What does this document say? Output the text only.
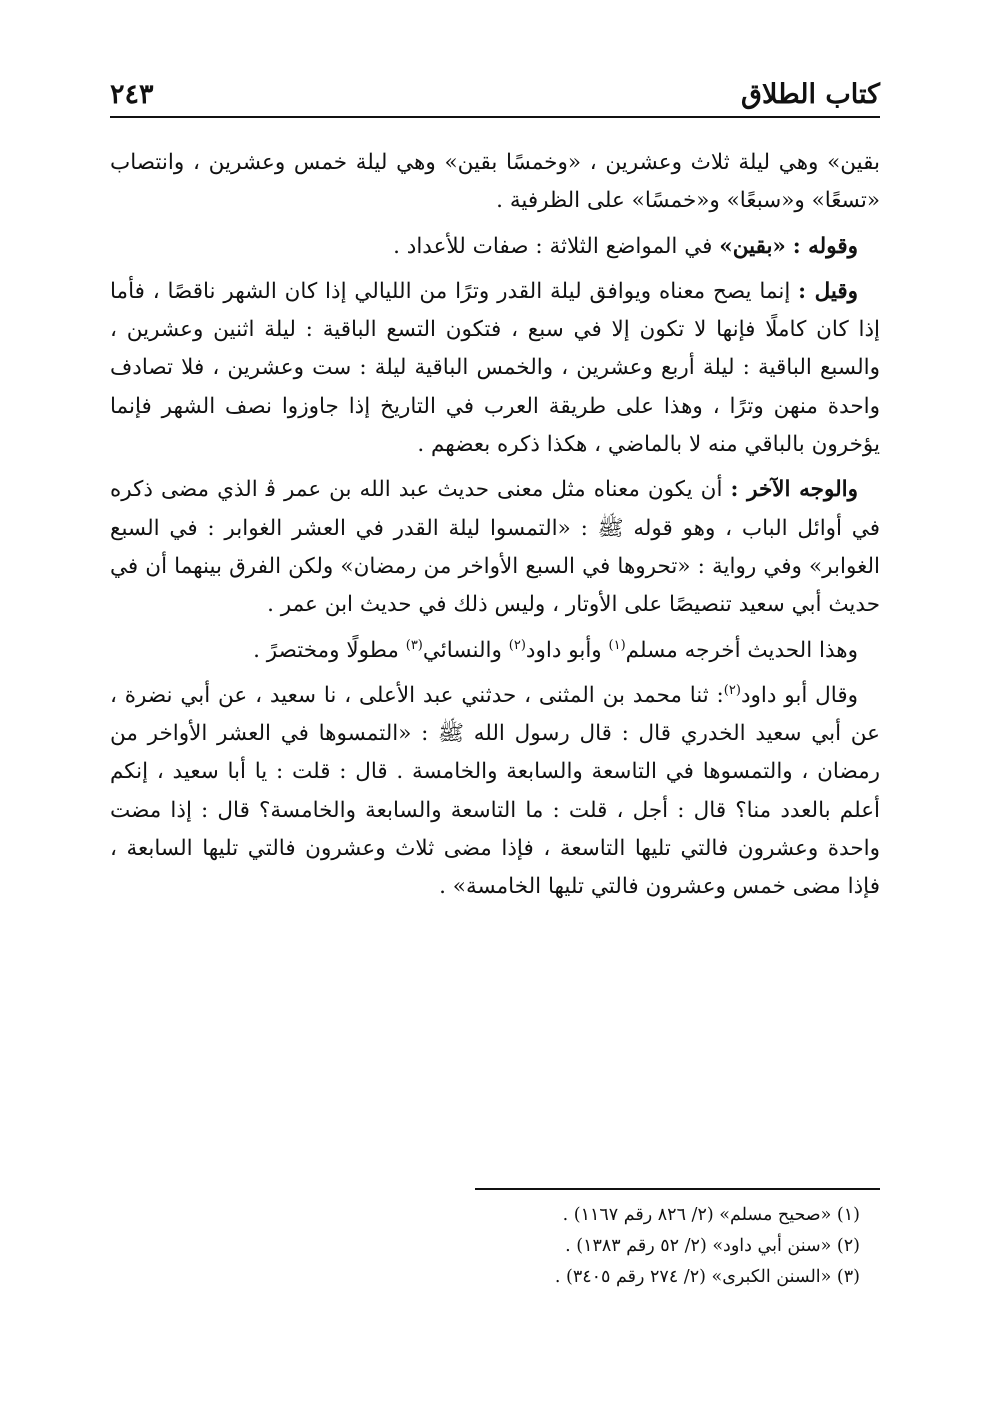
كتاب الطلاق
٢٤٣

بقين» وهي ليلة ثلاث وعشرين ، «وخمسًا بقين» وهي ليلة خمس وعشرين ، وانتصاب «تسعًا» و«سبعًا» و«خمسًا» على الظرفية .

وقوله : «بقين» في المواضع الثلاثة : صفات للأعداد .

وقيل : إنما يصح معناه ويوافق ليلة القدر وترًا من الليالي إذا كان الشهر ناقصًا ، فأما إذا كان كاملًا فإنها لا تكون إلا في سبع ، فتكون التسع الباقية : ليلة اثنين وعشرين ، والسبع الباقية : ليلة أربع وعشرين ، والخمس الباقية ليلة : ست وعشرين ، فلا تصادف واحدة منهن وترًا ، وهذا على طريقة العرب في التاريخ إذا جاوزوا نصف الشهر فإنما يؤخرون بالباقي منه لا بالماضي ، هكذا ذكره بعضهم .

والوجه الآخر : أن يكون معناه مثل معنى حديث عبد الله بن عمر ﭬ الذي مضى ذكره في أوائل الباب ، وهو قوله ﷺ : «التمسوا ليلة القدر في العشر الغوابر : في السبع الغوابر» وفي رواية : «تحروها في السبع الأواخر من رمضان» ولكن الفرق بينهما أن في حديث أبي سعيد تنصيصًا على الأوتار ، وليس ذلك في حديث ابن عمر .

وهذا الحديث أخرجه مسلم$^{(١)}$ وأبو داود$^{(٢)}$ والنسائي$^{(٣)}$ مطولًا ومختصرً .

وقال أبو داود$^{(٢)}$: ثنا محمد بن المثنى ، حدثني عبد الأعلى ، نا سعيد ، عن أبي نضرة ، عن أبي سعيد الخدري قال : قال رسول الله ﷺ : «التمسوها في العشر الأواخر من رمضان ، والتمسوها في التاسعة والسابعة والخامسة . قال : قلت : يا أبا سعيد ، إنكم أعلم بالعدد منا؟ قال : أجل ، قلت : ما التاسعة والسابعة والخامسة؟ قال : إذا مضت واحدة وعشرون فالتي تليها التاسعة ، فإذا مضى ثلاث وعشرون فالتي تليها السابعة ، فإذا مضى خمس وعشرون فالتي تليها الخامسة» .

(١) «صحيح مسلم» (٢/ ٨٢٦ رقم ١١٦٧) .

(٢) «سنن أبي داود» (٢/ ٥٢ رقم ١٣٨٣) .

(٣) «السنن الكبرى» (٢/ ٢٧٤ رقم ٣٤٠٥) .
